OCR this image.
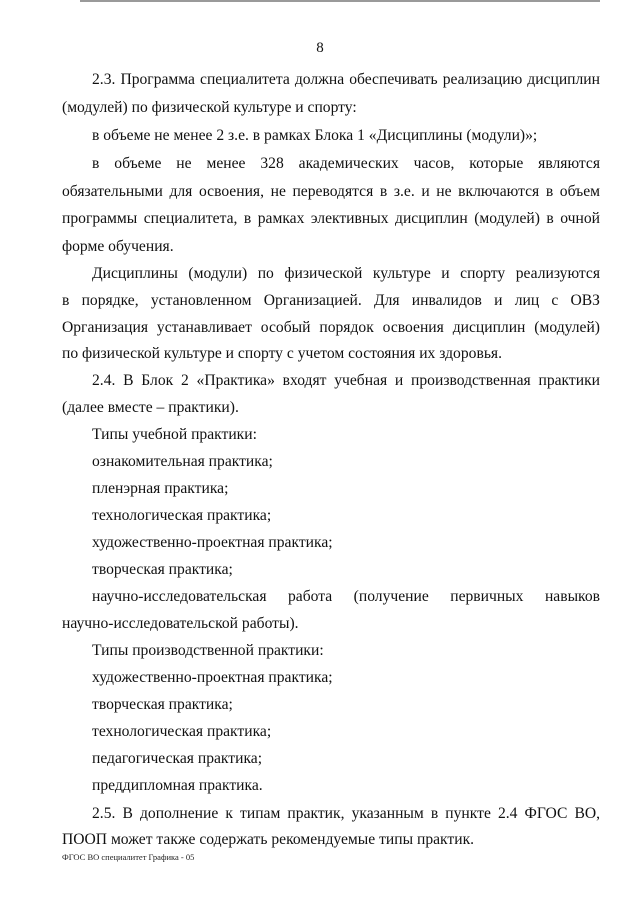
8
2.3. Программа специалитета должна обеспечивать реализацию дисциплин
(модулей) по физической культуре и спорту:
в объеме не менее 2 з.е. в рамках Блока 1 «Дисциплины (модули)»;
в объеме не менее 328 академических часов, которые являются
обязательными для освоения, не переводятся в з.е. и не включаются в объем
программы специалитета, в рамках элективных дисциплин (модулей) в очной
форме обучения.
Дисциплины (модули) по физической культуре и спорту реализуются
в порядке, установленном Организацией. Для инвалидов и лиц с ОВЗ
Организация устанавливает особый порядок освоения дисциплин (модулей)
по физической культуре и спорту с учетом состояния их здоровья.
2.4. В Блок 2 «Практика» входят учебная и производственная практики
(далее вместе – практики).
Типы учебной практики:
ознакомительная практика;
пленэрная практика;
технологическая практика;
художественно-проектная практика;
творческая практика;
научно-исследовательская работа (получение первичных навыков
научно-исследовательской работы).
Типы производственной практики:
художественно-проектная практика;
творческая практика;
технологическая практика;
педагогическая практика;
преддипломная практика.
2.5. В дополнение к типам практик, указанным в пункте 2.4 ФГОС ВО,
ПООП может также содержать рекомендуемые типы практик.
ФГОС ВО специалитет Графика - 05
